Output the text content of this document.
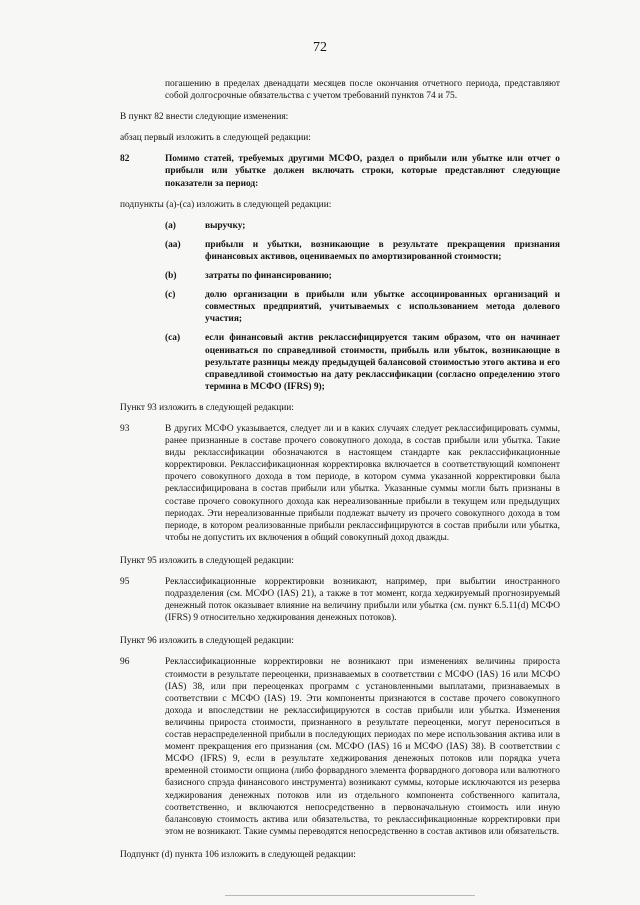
72

погашению в пределах двенадцати месяцев после окончания отчетного периода, представляют собой долгосрочные обязательства с учетом требований пунктов 74 и 75.

В пункт 82 внести следующие изменения:

абзац первый изложить в следующей редакции:

82	Помимо статей, требуемых другими МСФО, раздел о прибыли или убытке или отчет о прибыли или убытке должен включать строки, которые представляют следующие показатели за период:

подпункты (a)-(ca) изложить в следующей редакции:

(a)	выручку;
(aa)	прибыли и убытки, возникающие в результате прекращения признания финансовых активов, оцениваемых по амортизированной стоимости;
(b)	затраты по финансированию;
(c)	долю организации в прибыли или убытке ассоциированных организаций и совместных предприятий, учитываемых с использованием метода долевого участия;
(ca)	если финансовый актив реклассифицируется таким образом, что он начинает оцениваться по справедливой стоимости, прибыль или убыток, возникающие в результате разницы между предыдущей балансовой стоимостью этого актива и его справедливой стоимостью на дату реклассификации (согласно определению этого термина в МСФО (IFRS) 9);

Пункт 93 изложить в следующей редакции:

93	В других МСФО указывается, следует ли и в каких случаях следует реклассифицировать суммы, ранее признанные в составе прочего совокупного дохода, в состав прибыли или убытка. Такие виды реклассификации обозначаются в настоящем стандарте как реклассификационные корректировки. Реклассификационная корректировка включается в соответствующий компонент прочего совокупного дохода в том периоде, в котором сумма указанной корректировки была реклассифицирована в состав прибыли или убытка. Указанные суммы могли быть признаны в составе прочего совокупного дохода как нереализованные прибыли в текущем или предыдущих периодах. Эти нереализованные прибыли подлежат вычету из прочего совокупного дохода в том периоде, в котором реализованные прибыли реклассифицируются в состав прибыли или убытка, чтобы не допустить их включения в общий совокупный доход дважды.

Пункт 95 изложить в следующей редакции:

95	Реклассификационные корректировки возникают, например, при выбытии иностранного подразделения (см. МСФО (IAS) 21), а также в тот момент, когда хеджируемый прогнозируемый денежный поток оказывает влияние на величину прибыли или убытка (см. пункт 6.5.11(d) МСФО (IFRS) 9 относительно хеджирования денежных потоков).

Пункт 96 изложить в следующей редакции:

96	Реклассификационные корректировки не возникают при изменениях величины прироста стоимости в результате переоценки, признаваемых в соответствии с МСФО (IAS) 16 или МСФО (IAS) 38, или при переоценках программ с установленными выплатами, признаваемых в соответствии с МСФО (IAS) 19. Эти компоненты признаются в составе прочего совокупного дохода и впоследствии не реклассифицируются в состав прибыли или убытка. Изменения величины прироста стоимости, признанного в результате переоценки, могут переноситься в состав нераспределенной прибыли в последующих периодах по мере использования актива или в момент прекращения его признания (см. МСФО (IAS) 16 и МСФО (IAS) 38). В соответствии с МСФО (IFRS) 9, если в результате хеджирования денежных потоков или порядка учета временной стоимости опциона (либо форвардного элемента форвардного договора или валютного базисного спрэда финансового инструмента) возникают суммы, которые исключаются из резерва хеджирования денежных потоков или из отдельного компонента собственного капитала, соответственно, и включаются непосредственно в первоначальную стоимость или иную балансовую стоимость актива или обязательства, то реклассификационные корректировки при этом не возникают. Такие суммы переводятся непосредственно в состав активов или обязательств.

Подпункт (d) пункта 106 изложить в следующей редакции:
